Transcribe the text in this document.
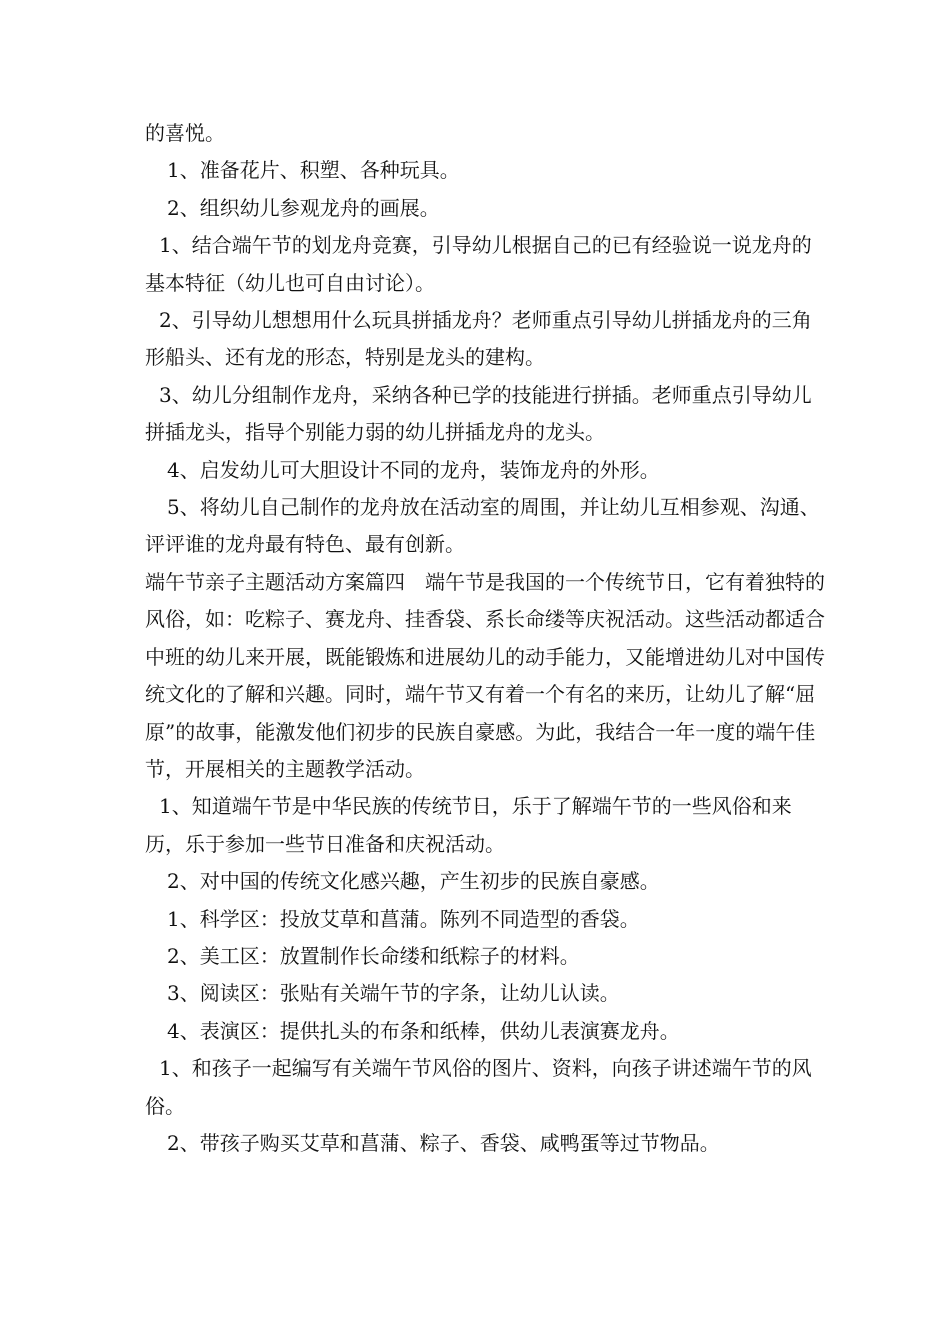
的喜悦。

1、准备花片、积塑、各种玩具。

2、组织幼儿参观龙舟的画展。

1、结合端午节的划龙舟竞赛，引导幼儿根据自己的已有经验说一说龙舟的基本特征（幼儿也可自由讨论）。

2、引导幼儿想想用什么玩具拼插龙舟？老师重点引导幼儿拼插龙舟的三角形船头、还有龙的形态，特别是龙头的建构。

3、幼儿分组制作龙舟，采纳各种已学的技能进行拼插。老师重点引导幼儿拼插龙头，指导个别能力弱的幼儿拼插龙舟的龙头。

4、启发幼儿可大胆设计不同的龙舟，装饰龙舟的外形。

5、将幼儿自己制作的龙舟放在活动室的周围，并让幼儿互相参观、沟通、评评谁的龙舟最有特色、最有创新。

端午节亲子主题活动方案篇四　端午节是我国的一个传统节日，它有着独特的风俗，如：吃粽子、赛龙舟、挂香袋、系长命缕等庆祝活动。这些活动都适合中班的幼儿来开展，既能锻炼和进展幼儿的动手能力，又能增进幼儿对中国传统文化的了解和兴趣。同时，端午节又有着一个有名的来历，让幼儿了解“屈原”的故事，能激发他们初步的民族自豪感。为此，我结合一年一度的端午佳节，开展相关的主题教学活动。

1、知道端午节是中华民族的传统节日，乐于了解端午节的一些风俗和来历，乐于参加一些节日准备和庆祝活动。

2、对中国的传统文化感兴趣，产生初步的民族自豪感。

1、科学区：投放艾草和菖蒲。陈列不同造型的香袋。

2、美工区：放置制作长命缕和纸粽子的材料。

3、阅读区：张贴有关端午节的字条，让幼儿认读。

4、表演区：提供扎头的布条和纸棒，供幼儿表演赛龙舟。

1、和孩子一起编写有关端午节风俗的图片、资料，向孩子讲述端午节的风俗。

2、带孩子购买艾草和菖蒲、粽子、香袋、咸鸭蛋等过节物品。
